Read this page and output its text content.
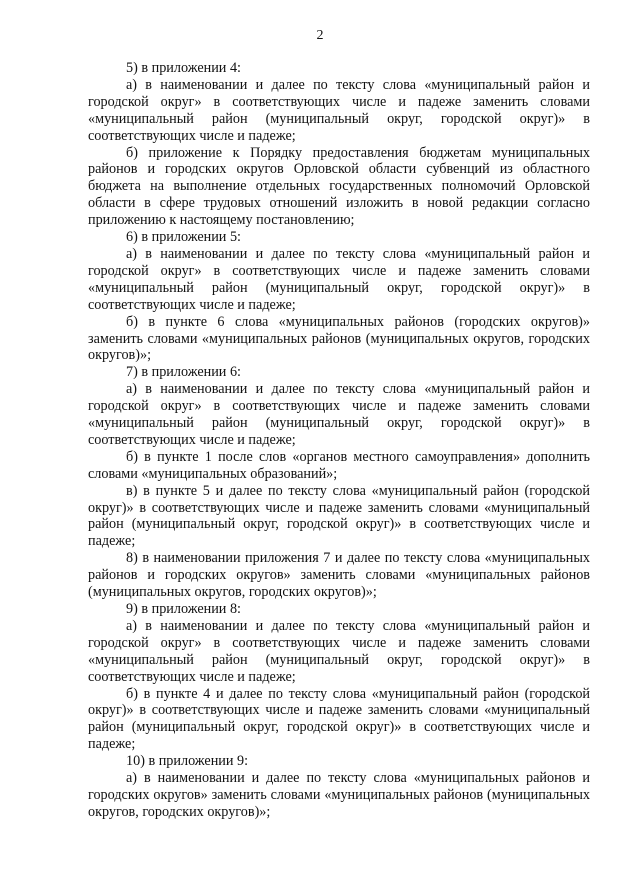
2

5) в приложении 4:

а) в наименовании и далее по тексту слова «муниципальный район и городской округ» в соответствующих числе и падеже заменить словами «муниципальный район (муниципальный округ, городской округ)» в соответствующих числе и падеже;

б) приложение к Порядку предоставления бюджетам муниципальных районов и городских округов Орловской области субвенций из областного бюджета на выполнение отдельных государственных полномочий Орловской области в сфере трудовых отношений изложить в новой редакции согласно приложению к настоящему постановлению;

6) в приложении 5:

а) в наименовании и далее по тексту слова «муниципальный район и городской округ» в соответствующих числе и падеже заменить словами «муниципальный район (муниципальный округ, городской округ)» в соответствующих числе и падеже;

б) в пункте 6 слова «муниципальных районов (городских округов)» заменить словами «муниципальных районов (муниципальных округов, городских округов)»;

7) в приложении 6:

а) в наименовании и далее по тексту слова «муниципальный район и городской округ» в соответствующих числе и падеже заменить словами «муниципальный район (муниципальный округ, городской округ)» в соответствующих числе и падеже;

б) в пункте 1 после слов «органов местного самоуправления» дополнить словами «муниципальных образований»;

в) в пункте 5 и далее по тексту слова «муниципальный район (городской округ)» в соответствующих числе и падеже заменить словами «муниципальный район (муниципальный округ, городской округ)» в соответствующих числе и падеже;

8) в наименовании приложения 7 и далее по тексту слова «муниципальных районов и городских округов» заменить словами «муниципальных районов (муниципальных округов, городских округов)»;

9) в приложении 8:

а) в наименовании и далее по тексту слова «муниципальный район и городской округ» в соответствующих числе и падеже заменить словами «муниципальный район (муниципальный округ, городской округ)» в соответствующих числе и падеже;

б) в пункте 4 и далее по тексту слова «муниципальный район (городской округ)» в соответствующих числе и падеже заменить словами «муниципальный район (муниципальный округ, городской округ)» в соответствующих числе и падеже;

10) в приложении 9:

а) в наименовании и далее по тексту слова «муниципальных районов и городских округов» заменить словами «муниципальных районов (муниципальных округов, городских округов)»;
